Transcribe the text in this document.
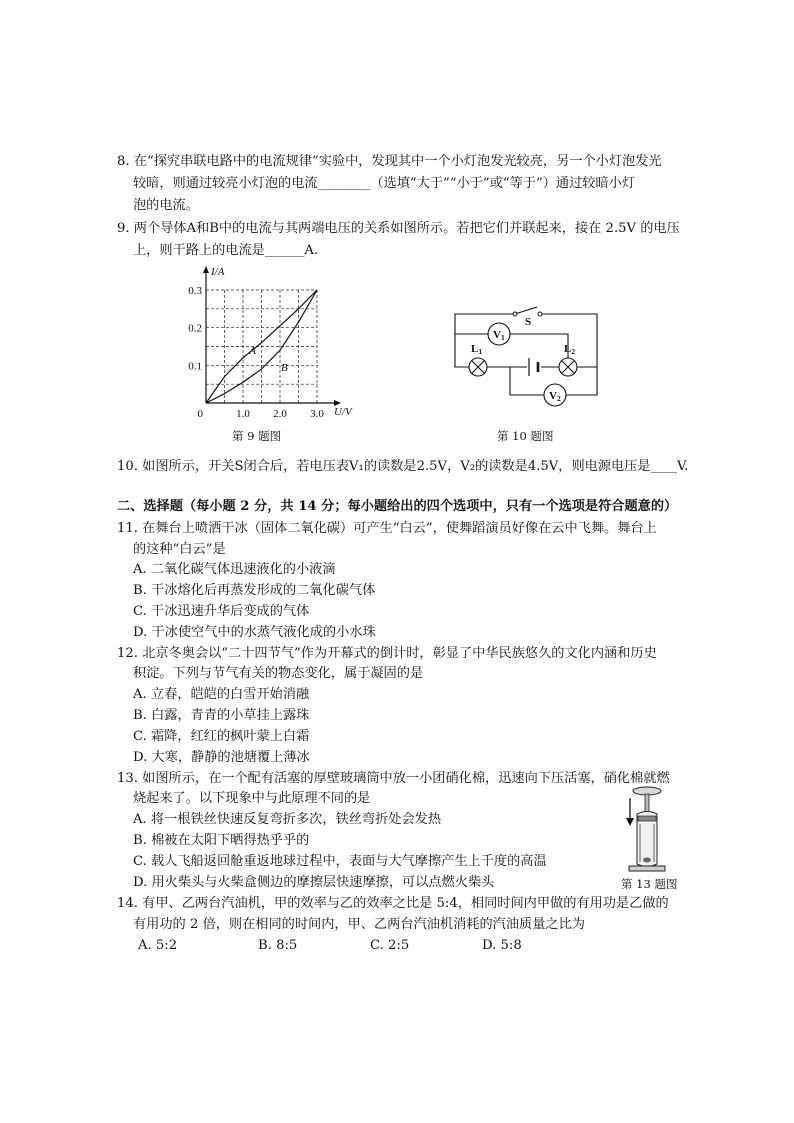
8. 在“探究串联电路中的电流规律”实验中，发现其中一个小灯泡发光较亮，另一个小灯泡发光
较暗，则通过较亮小灯泡的电流________（选填“大于”“小于”或“等于”）通过较暗小灯
泡的电流。
9. 两个导体A和B中的电流与其两端电压的关系如图所示。若把它们并联起来，接在 2.5V 的电压
上，则干路上的电流是______A.
1.0 2.0 3.0
0.1
0.2
0.3
0	U/V
I/A
A
B
第 9 题图
S
V1
V2
L1	L2
第 10 题图
10. 如图所示，开关S闭合后，若电压表V₁的读数是2.5V，V₂的读数是4.5V，则电源电压是____V.
二、选择题（每小题 2 分，共 14 分；每小题给出的四个选项中，只有一个选项是符合题意的）
11. 在舞台上喷洒干冰（固体二氧化碳）可产生“白云”，使舞蹈演员好像在云中飞舞。舞台上
的这种“白云”是
A. 二氧化碳气体迅速液化的小液滴
B. 干冰熔化后再蒸发形成的二氧化碳气体
C. 干冰迅速升华后变成的气体
D. 干冰使空气中的水蒸气液化成的小水珠
12. 北京冬奥会以“二十四节气”作为开幕式的倒计时，彰显了中华民族悠久的文化内涵和历史
积淀。下列与节气有关的物态变化，属于凝固的是
A. 立春，皑皑的白雪开始消融
B. 白露，青青的小草挂上露珠
C. 霜降，红红的枫叶蒙上白霜
D. 大寒，静静的池塘覆上薄冰
13. 如图所示，在一个配有活塞的厚壁玻璃筒中放一小团硝化棉，迅速向下压活塞，硝化棉就燃
烧起来了。以下现象中与此原理不同的是
A. 将一根铁丝快速反复弯折多次，铁丝弯折处会发热
B. 棉被在太阳下晒得热乎乎的
C. 载人飞船返回舱重返地球过程中，表面与大气摩擦产生上千度的高温
D. 用火柴头与火柴盒侧边的摩擦层快速摩擦，可以点燃火柴头	第 13 题图
14. 有甲、乙两台汽油机，甲的效率与乙的效率之比是 5:4，相同时间内甲做的有用功是乙做的
有用功的 2 倍，则在相同的时间内，甲、乙两台汽油机消耗的汽油质量之比为
A. 5:2	B. 8:5	C. 2:5	D. 5:8
